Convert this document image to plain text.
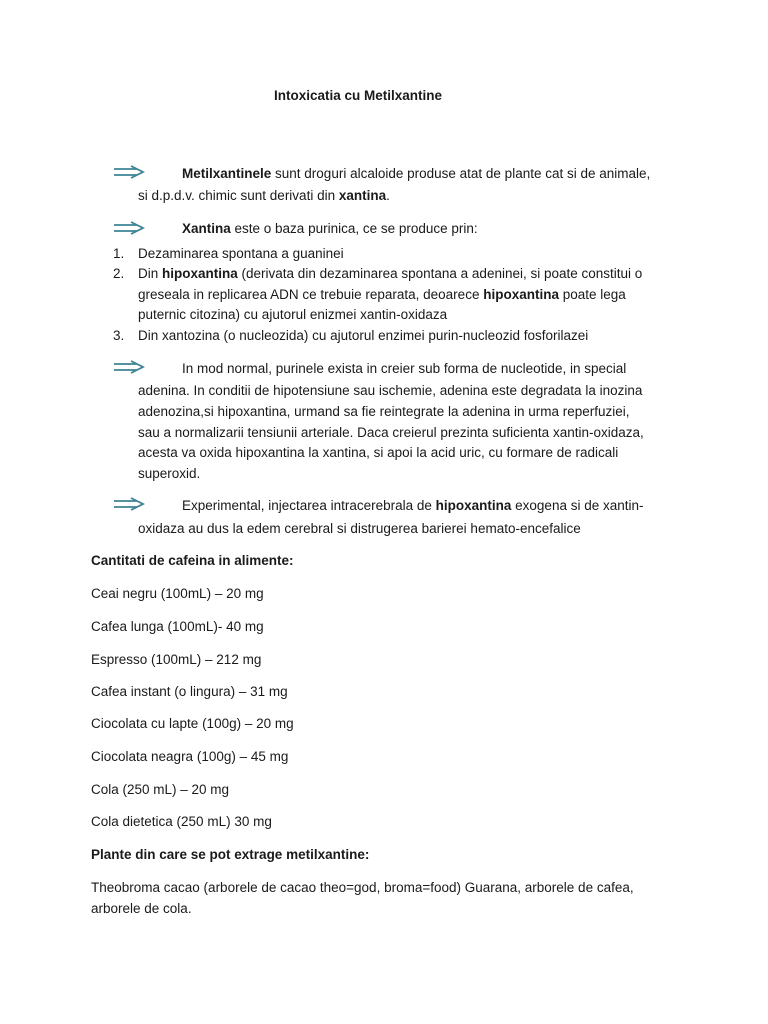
Intoxicatia cu Metilxantine
Metilxantinele sunt droguri alcaloide produse atat de plante cat si de animale,
si d.p.d.v. chimic sunt derivati din xantina.
Xantina este o baza purinica, ce se produce prin:
1. Dezaminarea spontana a guaninei
2. Din hipoxantina (derivata din dezaminarea spontana a adeninei, si poate constitui o
greseala in replicarea ADN ce trebuie reparata, deoarece hipoxantina poate lega
puternic citozina) cu ajutorul enizmei xantin-oxidaza
3. Din xantozina (o nucleozida) cu ajutorul enzimei purin-nucleozid fosforilazei
In mod normal, purinele exista in creier sub forma de nucleotide, in special
adenina. In conditii de hipotensiune sau ischemie, adenina este degradata la inozina
adenozina,si hipoxantina, urmand sa fie reintegrate la adenina in urma reperfuziei,
sau a normalizarii tensiunii arteriale. Daca creierul prezinta suficienta xantin-oxidaza,
acesta va oxida hipoxantina la xantina, si apoi la acid uric, cu formare de radicali
superoxid.
Experimental, injectarea intracerebrala de hipoxantina exogena si de xantin-
oxidaza au dus la edem cerebral si distrugerea barierei hemato-encefalice
Cantitati de cafeina in alimente:
Ceai negru (100mL) – 20 mg
Cafea lunga (100mL)- 40 mg
Espresso (100mL) – 212 mg
Cafea instant (o lingura) – 31 mg
Ciocolata cu lapte (100g) – 20 mg
Ciocolata neagra (100g) – 45 mg
Cola (250 mL) – 20 mg
Cola dietetica (250 mL) 30 mg
Plante din care se pot extrage metilxantine:
Theobroma cacao (arborele de cacao theo=god, broma=food) Guarana, arborele de cafea,
arborele de cola.
